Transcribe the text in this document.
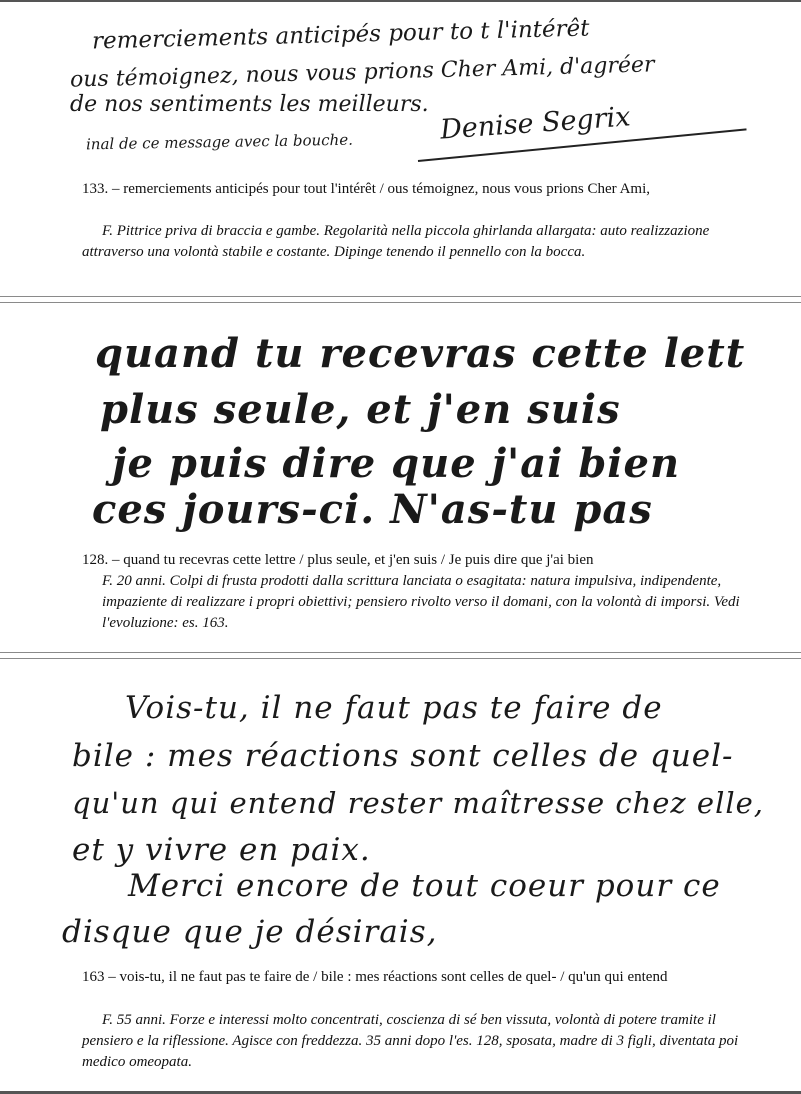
remerciements anticipés pour to t l'intérêt

ous témoignez, nous vous prions Cher Ami, d'agréer

de nos sentiments les meilleurs.

inal de ce message avec la bouche.	Denise Segrix

133. – remerciements anticipés pour tout l'intérêt / ous témoignez, nous vous prions Cher Ami,

F. Pittrice priva di braccia e gambe. Regolarità nella piccola ghirlanda allargata: auto realizzazione attraverso una volontà stabile e costante. Dipinge tenendo il pennello con la bocca.

quand tu recevras cette lett

plus seule, et j'en suis

je puis dire que j'ai bien

ces jours-ci. N'as-tu pas

128. – quand tu recevras cette lettre / plus seule, et j'en suis / Je puis dire que j'ai bien

F. 20 anni. Colpi di frusta prodotti dalla scrittura lanciata o esagitata: natura impulsiva, indipendente, impaziente di realizzare i propri obiettivi; pensiero rivolto verso il domani, con la volontà di imporsi. Vedi l'evoluzione: es. 163.

Vois-tu, il ne faut pas te faire de

bile : mes réactions sont celles de quel-

qu'un qui entend rester maîtresse chez elle,

et y vivre en paix.

Merci encore de tout coeur pour ce

disque que je désirais,

163 – vois-tu, il ne faut pas te faire de / bile : mes réactions sont celles de quel- / qu'un qui entend

F. 55 anni. Forze e interessi molto concentrati, coscienza di sé ben vissuta, volontà di potere tramite il pensiero e la riflessione. Agisce con freddezza. 35 anni dopo l'es. 128, sposata, madre di 3 figli, diventata poi medico omeopata.
